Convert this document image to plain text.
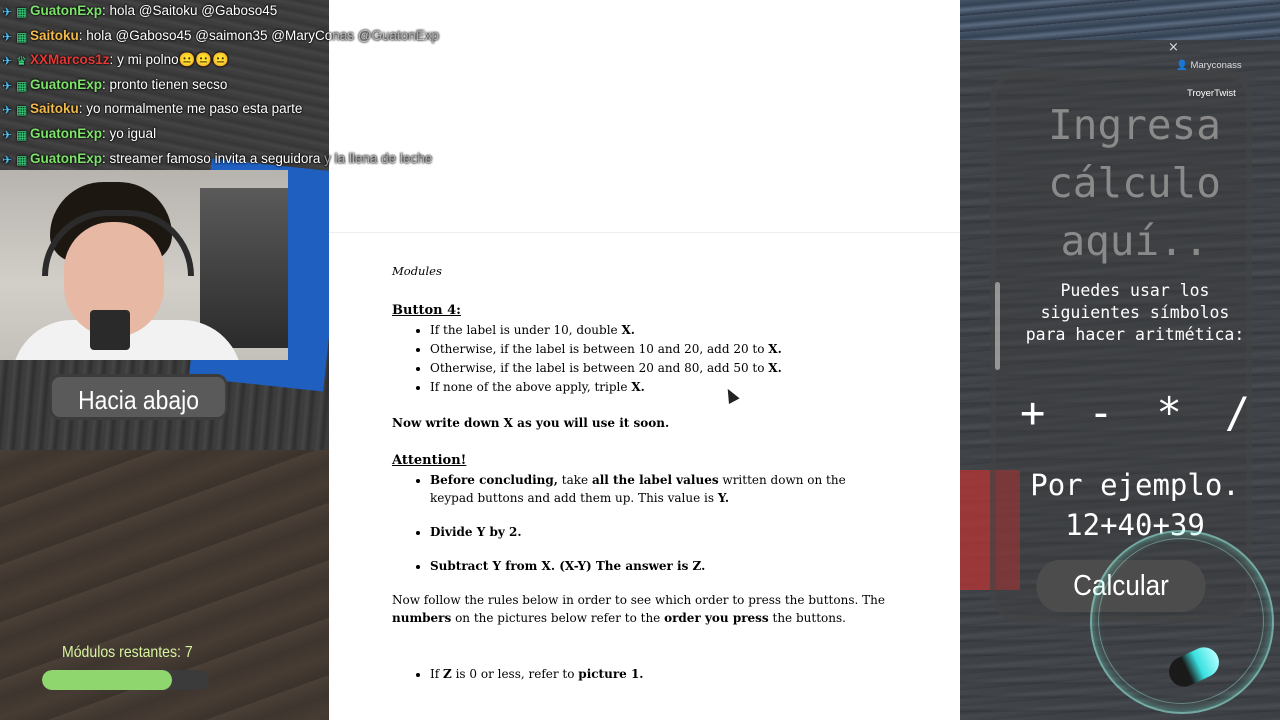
✈ ▦ GuatonExp: hola @Saitoku @Gaboso45
✈ ▦ Saitoku: hola @Gaboso45 @saimon35 @MaryConas @GuatonExp
✈ ♛ XXMarcos1z: y mi polno😐😐😐
✈ ▦ GuatonExp: pronto tienen secso
✈ ▦ Saitoku: yo normalmente me paso esta parte
✈ ▦ GuatonExp: yo igual
✈ ▦ GuatonExp: streamer famoso invita a seguidora y la llena de leche
Hacia abajo
Módulos restantes: 7
Modules
Button 4:
• If the label is under 10, double X.
• Otherwise, if the label is between 10 and 20, add 20 to X.
• Otherwise, if the label is between 20 and 80, add 50 to X.
• If none of the above apply, triple X.
Now write down X as you will use it soon.
Attention!
• Before concluding, take all the label values written down on the keypad buttons and add them up. This value is Y.
• Divide Y by 2.
• Subtract Y from X. (X-Y) The answer is Z.
Now follow the rules below in order to see which order to press the buttons. The numbers on the pictures below refer to the order you press the buttons.
• If Z is 0 or less, refer to picture 1.
×
👤 Maryconass
TroyerTwist
Ingresa
cálculo
aquí..
Puedes usar los siguientes símbolos para hacer aritmética:
+ - * /
Por ejemplo.
12+40+39
Calcular
